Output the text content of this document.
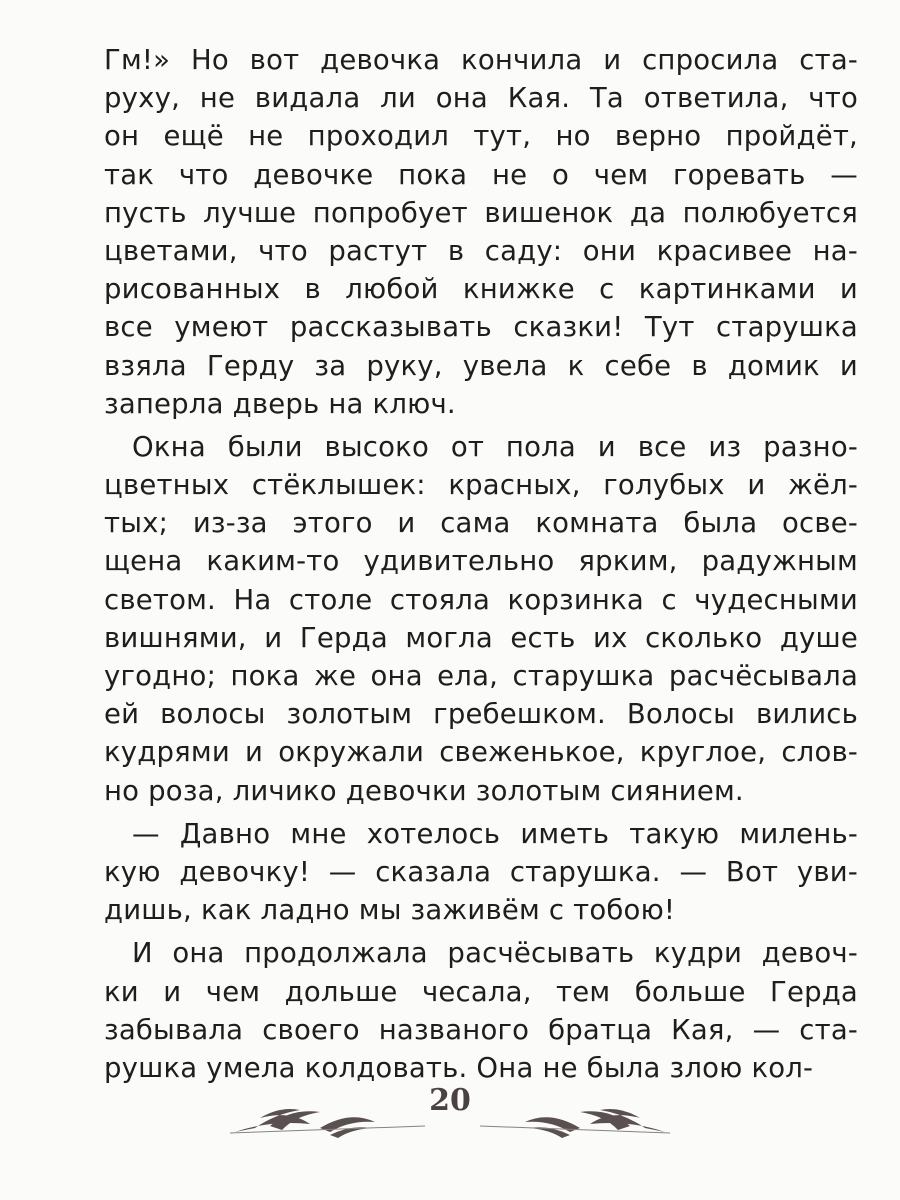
Гм!» Но вот девочка кончила и спросила ста-
руху, не видала ли она Кая. Та ответила, что
он ещё не проходил тут, но верно пройдёт,
так что девочке пока не о чем горевать —
пусть лучше попробует вишенок да полюбуется
цветами, что растут в саду: они красивее на-
рисованных в любой книжке с картинками и
все умеют рассказывать сказки! Тут старушка
взяла Герду за руку, увела к себе в домик и
заперла дверь на ключ.
Окна были высоко от пола и все из разно-
цветных стёклышек: красных, голубых и жёл-
тых; из-за этого и сама комната была осве-
щена каким-то удивительно ярким, радужным
светом. На столе стояла корзинка с чудесными
вишнями, и Герда могла есть их сколько душе
угодно; пока же она ела, старушка расчёсывала
ей волосы золотым гребешком. Волосы вились
кудрями и окружали свеженькое, круглое, слов-
но роза, личико девочки золотым сиянием.
— Давно мне хотелось иметь такую милень-
кую девочку! — сказала старушка. — Вот уви-
дишь, как ладно мы заживём с тобою!
И она продолжала расчёсывать кудри девоч-
ки и чем дольше чесала, тем больше Герда
забывала своего названого братца Кая, — ста-
рушка умела колдовать. Она не была злою кол-
20
